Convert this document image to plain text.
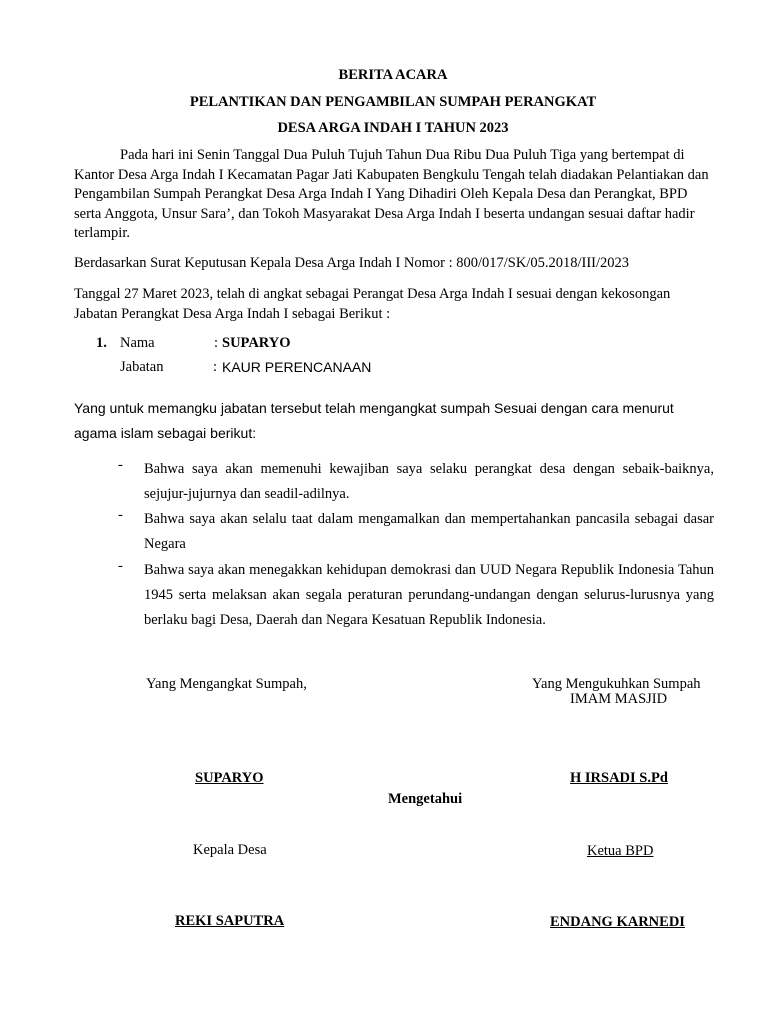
BERITA ACARA
PELANTIKAN DAN PENGAMBILAN SUMPAH PERANGKAT
DESA ARGA INDAH I TAHUN 2023
Pada hari ini Senin Tanggal Dua Puluh Tujuh Tahun Dua Ribu Dua Puluh Tiga yang bertempat di Kantor Desa Arga Indah I Kecamatan Pagar Jati Kabupaten Bengkulu Tengah telah diadakan Pelantiakan dan Pengambilan Sumpah Perangkat Desa Arga Indah I Yang Dihadiri Oleh Kepala Desa dan Perangkat, BPD serta Anggota, Unsur Sara’, dan Tokoh Masyarakat Desa Arga Indah I beserta undangan sesuai daftar hadir terlampir.
Berdasarkan Surat Keputusan Kepala Desa Arga Indah I Nomor : 800/017/SK/05.2018/III/2023
Tanggal 27 Maret 2023, telah di angkat sebagai Perangat Desa Arga Indah I sesuai dengan kekosongan Jabatan Perangkat Desa Arga Indah I sebagai Berikut :
1. Nama	: SUPARYO
Jabatan	: KAUR PERENCANAAN
Yang untuk memangku jabatan tersebut telah mengangkat sumpah Sesuai dengan cara menurut agama islam sebagai berikut:
- Bahwa saya akan memenuhi kewajiban saya selaku perangkat desa dengan sebaik-baiknya, sejujur-jujurnya dan seadil-adilnya.
- Bahwa saya akan selalu taat dalam mengamalkan dan mempertahankan pancasila sebagai dasar Negara
- Bahwa saya akan menegakkan kehidupan demokrasi dan UUD Negara Republik Indonesia Tahun 1945 serta melaksan akan segala peraturan perundang-undangan dengan selurus-lurusnya yang berlaku bagi Desa, Daerah dan Negara Kesatuan Republik Indonesia.
Yang Mengangkat Sumpah,	Yang Mengukuhkan Sumpah
IMAM MASJID
SUPARYO	H IRSADI S.Pd
Mengetahui
Kepala Desa	Ketua BPD
REKI SAPUTRA	ENDANG KARNEDI
